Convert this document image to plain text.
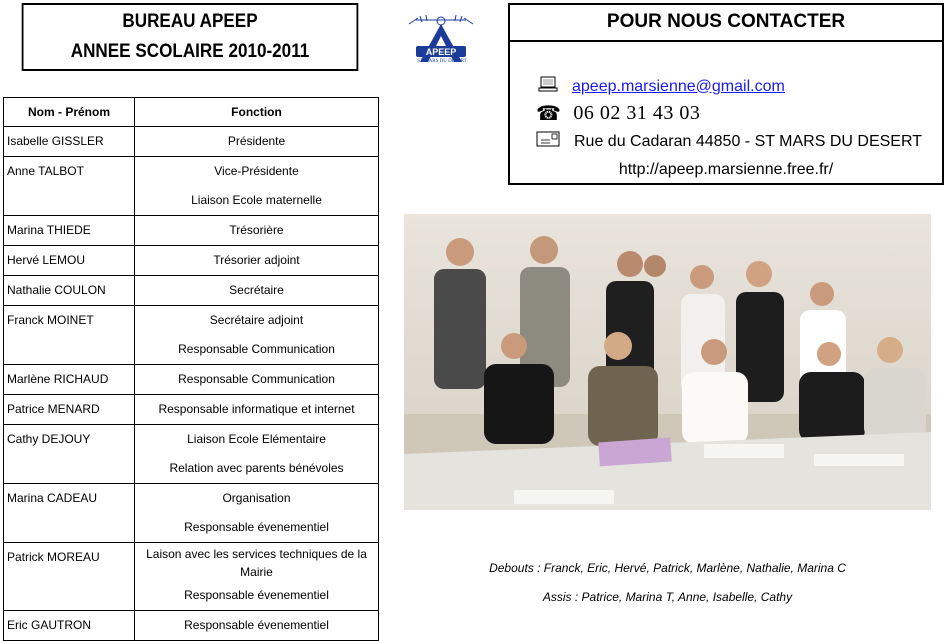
BUREAU APEEP
ANNEE SCOLAIRE 2010-2011	APEEP
ST MARS DU DESERT
POUR NOUS CONTACTER
apeep.marsienne@gmail.com
☎ 06 02 31 43 03
Rue du Cadaran 44850 - ST MARS DU DESERT
http://apeep.marsienne.free.fr/
Nom - Prénom	Fonction
Isabelle GISSLER	Présidente

Anne TALBOT	Vice-Présidente
Liaison Ecole maternelle

Marina THIEDE	Trésorière

Hervé LEMOU	Trésorier adjoint

Nathalie COULON	Secrétaire

Franck MOINET	Secrétaire adjoint
Responsable Communication

Marlène RICHAUD	Responsable Communication

Patrice MENARD	Responsable informatique et internet

Cathy DEJOUY	Liaison Ecole Elémentaire
Relation avec parents bénévoles

Marina CADEAU	Organisation
Responsable évenementiel

Patrick MOREAU	Laison avec les services techniques de la Mairie
Responsable évenementiel

Eric GAUTRON	Responsable évenementiel
Debouts : Franck, Eric, Hervé, Patrick, Marlène, Nathalie, Marina C
Assis : Patrice, Marina T, Anne, Isabelle, Cathy
